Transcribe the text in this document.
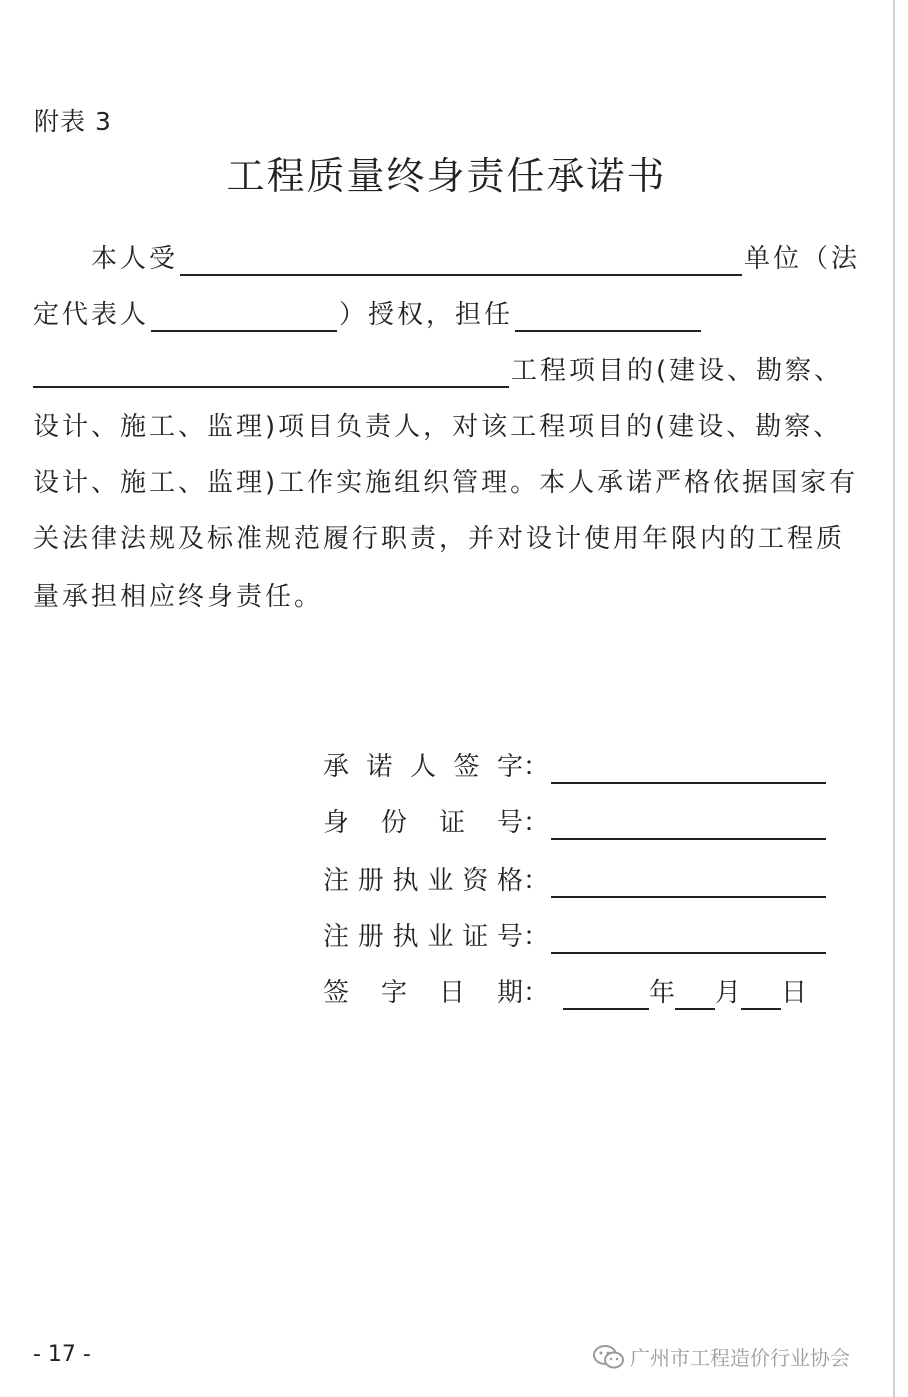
附表 3
工程质量终身责任承诺书
本人受	单位（法
定代表人	）授权，担任
工程项目的(建设、勘察、
设计、施工、监理)项目负责人，对该工程项目的(建设、勘察、
设计、施工、监理)工作实施组织管理。本人承诺严格依据国家有
关法律法规及标准规范履行职责，并对设计使用年限内的工程质
量承担相应终身责任。
承诺人签字 ：
身份证号 ：
注册执业资格 ：
注册执业证号 ：
签字日期 ：	年 月 日
- 17 -	广州市工程造价行业协会
